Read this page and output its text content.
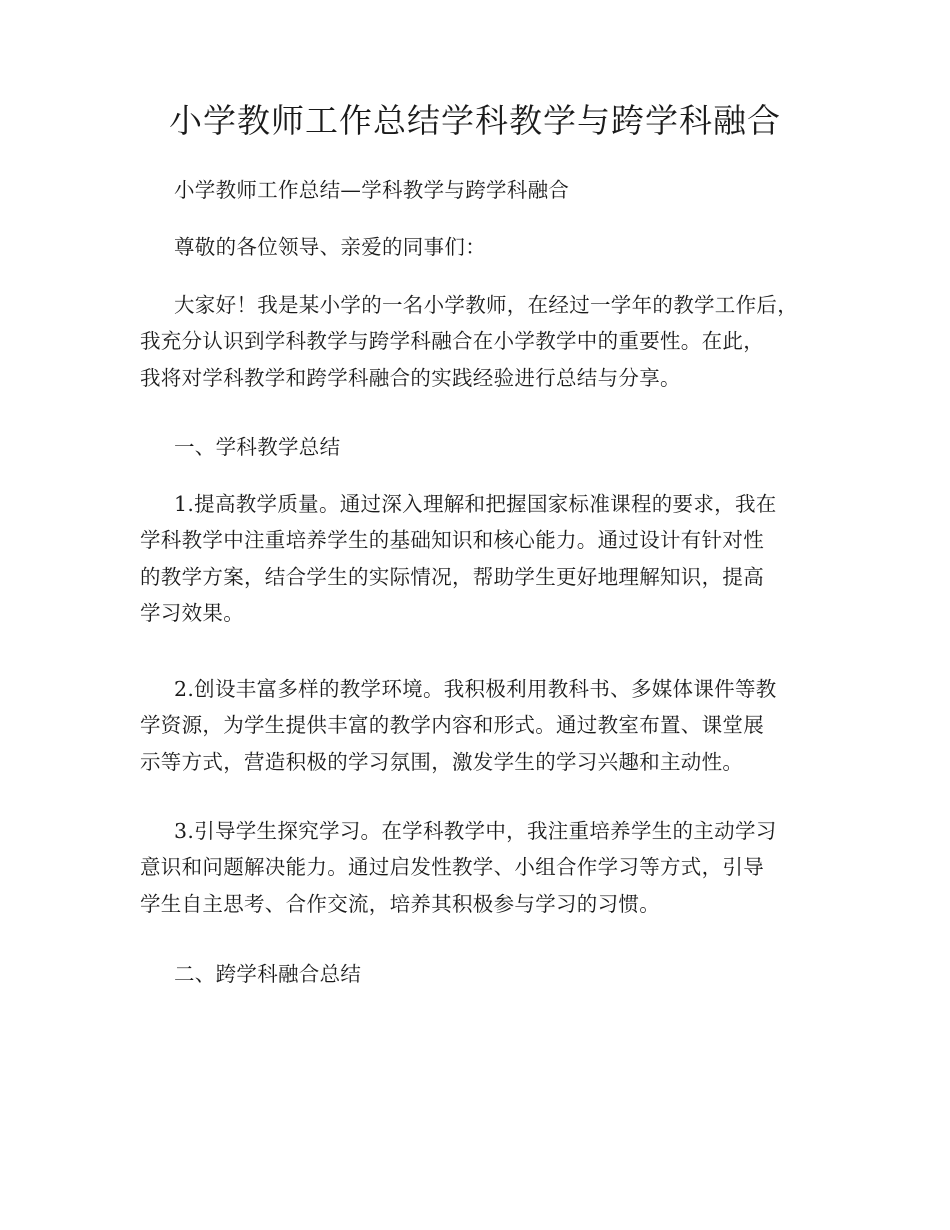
小学教师工作总结学科教学与跨学科融合
小学教师工作总结—学科教学与跨学科融合
尊敬的各位领导、亲爱的同事们：
大家好！我是某小学的一名小学教师，在经过一学年的教学工作后，
我充分认识到学科教学与跨学科融合在小学教学中的重要性。在此，
我将对学科教学和跨学科融合的实践经验进行总结与分享。
一、学科教学总结
1.提高教学质量。通过深入理解和把握国家标准课程的要求，我在
学科教学中注重培养学生的基础知识和核心能力。通过设计有针对性
的教学方案，结合学生的实际情况，帮助学生更好地理解知识，提高
学习效果。
2.创设丰富多样的教学环境。我积极利用教科书、多媒体课件等教
学资源，为学生提供丰富的教学内容和形式。通过教室布置、课堂展
示等方式，营造积极的学习氛围，激发学生的学习兴趣和主动性。
3.引导学生探究学习。在学科教学中，我注重培养学生的主动学习
意识和问题解决能力。通过启发性教学、小组合作学习等方式，引导
学生自主思考、合作交流，培养其积极参与学习的习惯。
二、跨学科融合总结
